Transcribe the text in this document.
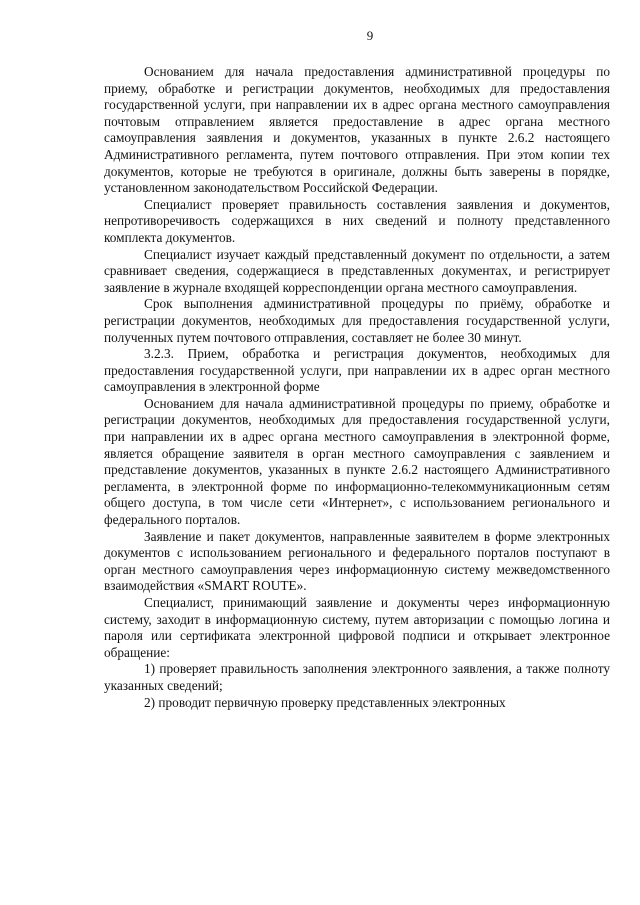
9

Основанием для начала предоставления административной процедуры по приему, обработке и регистрации документов, необходимых для предоставления государственной услуги, при направлении их в адрес органа местного самоуправления почтовым отправлением является предоставление в адрес органа местного самоуправления заявления и документов, указанных в пункте 2.6.2 настоящего Административного регламента, путем почтового отправления. При этом копии тех документов, которые не требуются в оригинале, должны быть заверены в порядке, установленном законодательством Российской Федерации.

Специалист проверяет правильность составления заявления и документов, непротиворечивость содержащихся в них сведений и полноту представленного комплекта документов.

Специалист изучает каждый представленный документ по отдельности, а затем сравнивает сведения, содержащиеся в представленных документах, и регистрирует заявление в журнале входящей корреспонденции органа местного самоуправления.

Срок выполнения административной процедуры по приёму, обработке и регистрации документов, необходимых для предоставления государственной услуги, полученных путем почтового отправления, составляет не более 30 минут.

3.2.3. Прием, обработка и регистрация документов, необходимых для предоставления государственной услуги, при направлении их в адрес орган местного самоуправления в электронной форме

Основанием для начала административной процедуры по приему, обработке и регистрации документов, необходимых для предоставления государственной услуги, при направлении их в адрес органа местного самоуправления в электронной форме, является обращение заявителя в орган местного самоуправления с заявлением и представление документов, указанных в пункте 2.6.2 настоящего Административного регламента, в электронной форме по информационно-телекоммуникационным сетям общего доступа, в том числе сети «Интернет», с использованием регионального и федерального порталов.

Заявление и пакет документов, направленные заявителем в форме электронных документов с использованием регионального и федерального порталов поступают в орган местного самоуправления через информационную систему межведомственного взаимодействия «SMART ROUTE».

Специалист, принимающий заявление и документы через информационную систему, заходит в информационную систему, путем авторизации с помощью логина и пароля или сертификата электронной цифровой подписи и открывает электронное обращение:

1) проверяет правильность заполнения электронного заявления, а также полноту указанных сведений;

2) проводит первичную проверку представленных электронных
